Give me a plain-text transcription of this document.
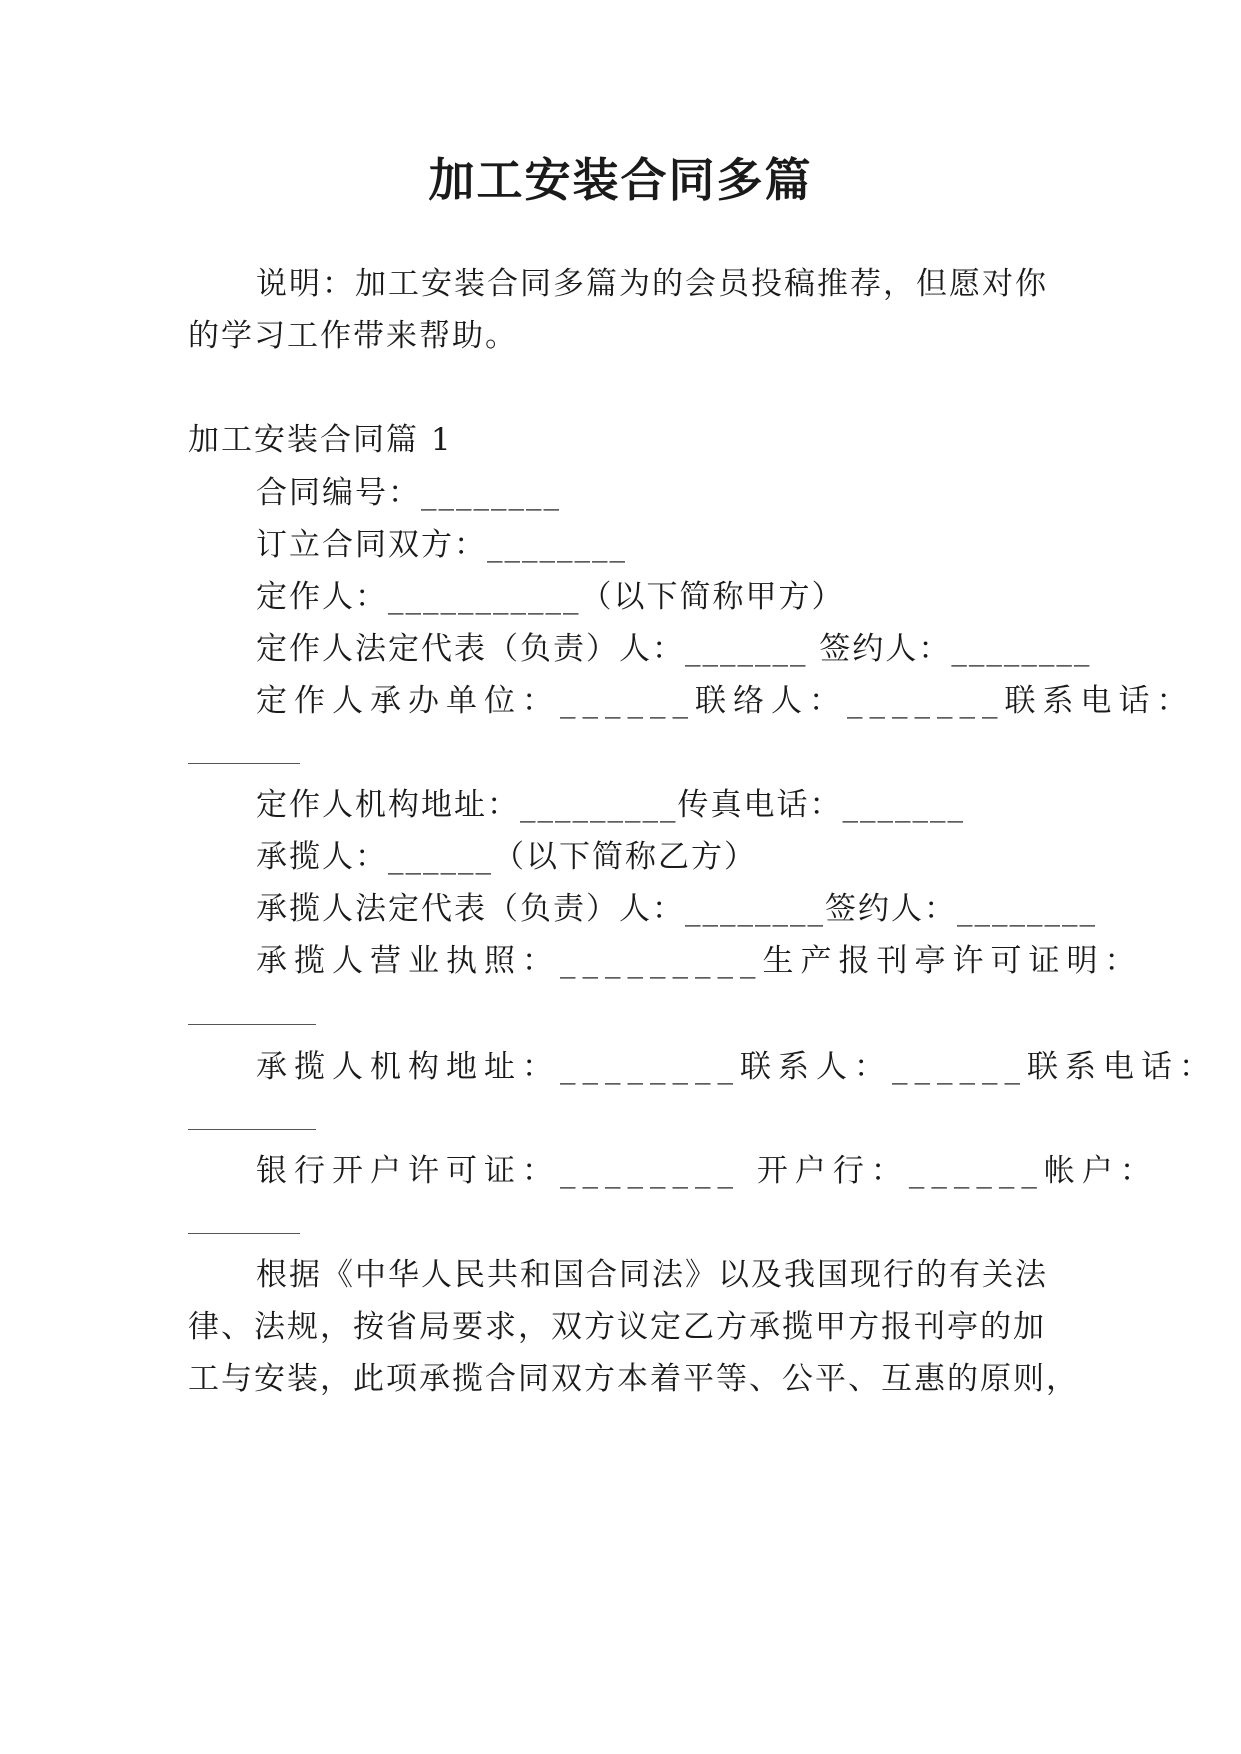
加工安装合同多篇
说明：加工安装合同多篇为的会员投稿推荐，但愿对你
的学习工作带来帮助。
加工安装合同篇 1
合同编号：________
订立合同双方：________
定作人：___________（以下简称甲方）
定作人法定代表（负责）人：_______ 签约人：________
定作人承办单位：______联络人：_______联系电话：
定作人机构地址：_________传真电话：_______
承揽人：______（以下简称乙方）
承揽人法定代表（负责）人：________签约人：________
承揽人营业执照：_________生产报刊亭许可证明：
承揽人机构地址：________联系人：______联系电话：
银行开户许可证：________ 开户行：______帐户：
根据《中华人民共和国合同法》以及我国现行的有关法
律、法规，按省局要求，双方议定乙方承揽甲方报刊亭的加
工与安装，此项承揽合同双方本着平等、公平、互惠的原则，
